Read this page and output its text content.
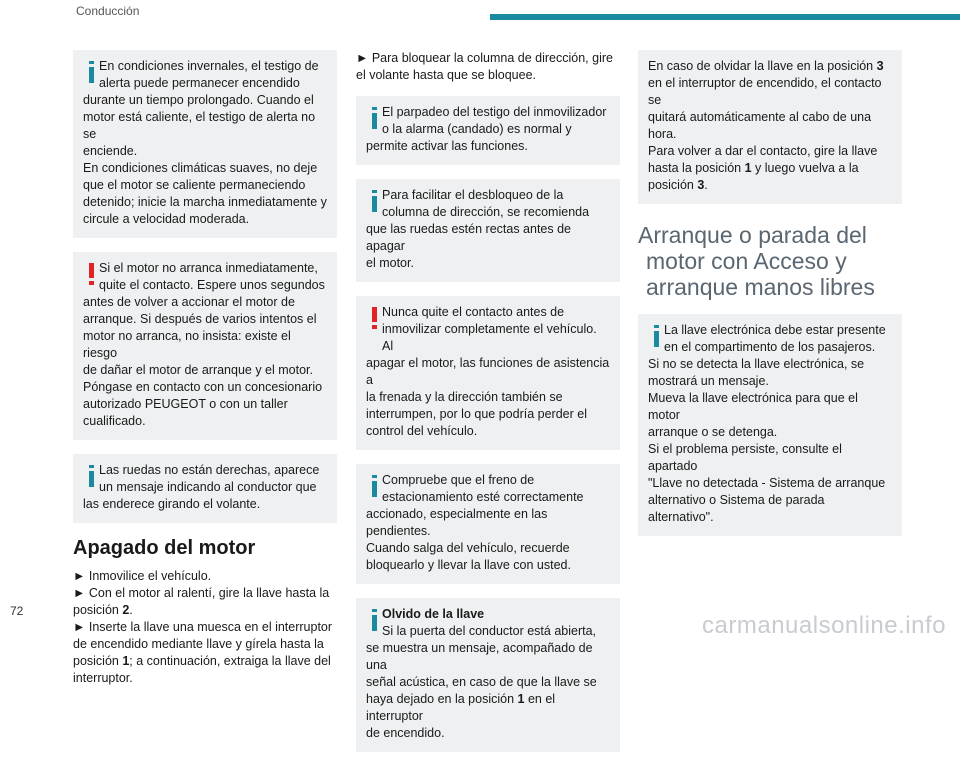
Conducción

En condiciones invernales, el testigo de
alerta puede permanecer encendido

durante un tiempo prolongado. Cuando el
motor está caliente, el testigo de alerta no se
enciende.
En condiciones climáticas suaves, no deje
que el motor se caliente permaneciendo
detenido; inicie la marcha inmediatamente y
circule a velocidad moderada.

Si el motor no arranca inmediatamente,
quite el contacto. Espere unos segundos

antes de volver a accionar el motor de
arranque. Si después de varios intentos el
motor no arranca, no insista: existe el riesgo
de dañar el motor de arranque y el motor.
Póngase en contacto con un concesionario
autorizado PEUGEOT o con un taller
cualificado.

Las ruedas no están derechas, aparece
un mensaje indicando al conductor que

las enderece girando el volante.

Apagado del motor

► Inmovilice el vehículo.
► Con el motor al ralentí, gire la llave hasta la
posición 2.
► Inserte la llave una muesca en el interruptor
de encendido mediante llave y gírela hasta la
posición 1; a continuación, extraiga la llave del
interruptor.

► Para bloquear la columna de dirección, gire
el volante hasta que se bloquee.

El parpadeo del testigo del inmovilizador
o la alarma (candado) es normal y

permite activar las funciones.

Para facilitar el desbloqueo de la
columna de dirección, se recomienda

que las ruedas estén rectas antes de apagar
el motor.

Nunca quite el contacto antes de
inmovilizar completamente el vehículo. Al

apagar el motor, las funciones de asistencia a
la frenada y la dirección también se
interrumpen, por lo que podría perder el
control del vehículo.

Compruebe que el freno de
estacionamiento esté correctamente

accionado, especialmente en las pendientes.
Cuando salga del vehículo, recuerde
bloquearlo y llevar la llave con usted.

Olvido de la llave
Si la puerta del conductor está abierta,

se muestra un mensaje, acompañado de una
señal acústica, en caso de que la llave se
haya dejado en la posición 1 en el interruptor
de encendido.

En caso de olvidar la llave en la posición 3
en el interruptor de encendido, el contacto se
quitará automáticamente al cabo de una hora.
Para volver a dar el contacto, gire la llave
hasta la posición 1 y luego vuelva a la
posición 3.

Arranque o parada del
motor con Acceso y
arranque manos libres

La llave electrónica debe estar presente
en el compartimento de los pasajeros.

Si no se detecta la llave electrónica, se
mostrará un mensaje.
Mueva la llave electrónica para que el motor
arranque o se detenga.
Si el problema persiste, consulte el apartado
"Llave no detectada - Sistema de arranque
alternativo o Sistema de parada alternativo".

72
carmanualsonline.info
